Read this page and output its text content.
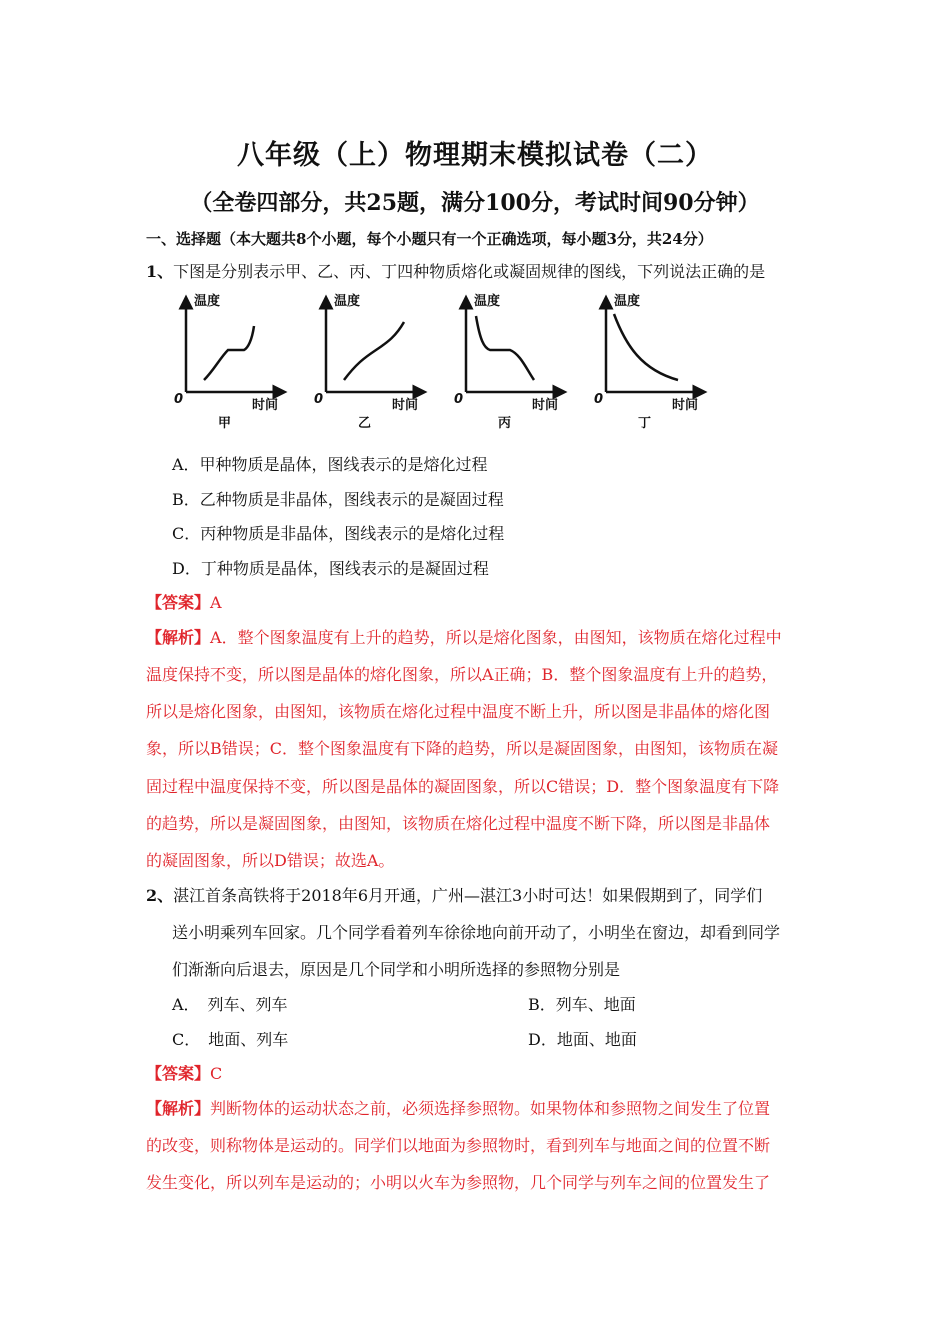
八年级（上）物理期末模拟试卷（二）
（全卷四部分，共25题，满分100分，考试时间90分钟）
一、选择题（本大题共8个小题，每个小题只有一个正确选项，每小题3分，共24分）
1、下图是分别表示甲、乙、丙、丁四种物质熔化或凝固规律的图线，下列说法正确的是
温度
时间
0
甲
温度
时间
0
乙
温度
时间
0
丙
温度
时间
0
丁
A．甲种物质是晶体，图线表示的是熔化过程
B．乙种物质是非晶体，图线表示的是凝固过程
C．丙种物质是非晶体，图线表示的是熔化过程
D．丁种物质是晶体，图线表示的是凝固过程
【答案】A
【解析】A．整个图象温度有上升的趋势，所以是熔化图象，由图知，该物质在熔化过程中
温度保持不变，所以图是晶体的熔化图象，所以A正确；B．整个图象温度有上升的趋势，
所以是熔化图象，由图知，该物质在熔化过程中温度不断上升，所以图是非晶体的熔化图
象，所以B错误；C．整个图象温度有下降的趋势，所以是凝固图象，由图知，该物质在凝
固过程中温度保持不变，所以图是晶体的凝固图象，所以C错误；D．整个图象温度有下降
的趋势，所以是凝固图象，由图知，该物质在熔化过程中温度不断下降，所以图是非晶体
的凝固图象，所以D错误；故选A。
2、湛江首条高铁将于2018年6月开通，广州—湛江3小时可达！如果假期到了，同学们
送小明乘列车回家。几个同学看着列车徐徐地向前开动了，小明坐在窗边，却看到同学
们渐渐向后退去，原因是几个同学和小明所选择的参照物分别是
A．　列车、列车	B．列车、地面
C．　地面、列车	D．地面、地面
【答案】C
【解析】判断物体的运动状态之前，必须选择参照物。如果物体和参照物之间发生了位置
的改变，则称物体是运动的。同学们以地面为参照物时，看到列车与地面之间的位置不断
发生变化，所以列车是运动的；小明以火车为参照物，几个同学与列车之间的位置发生了
